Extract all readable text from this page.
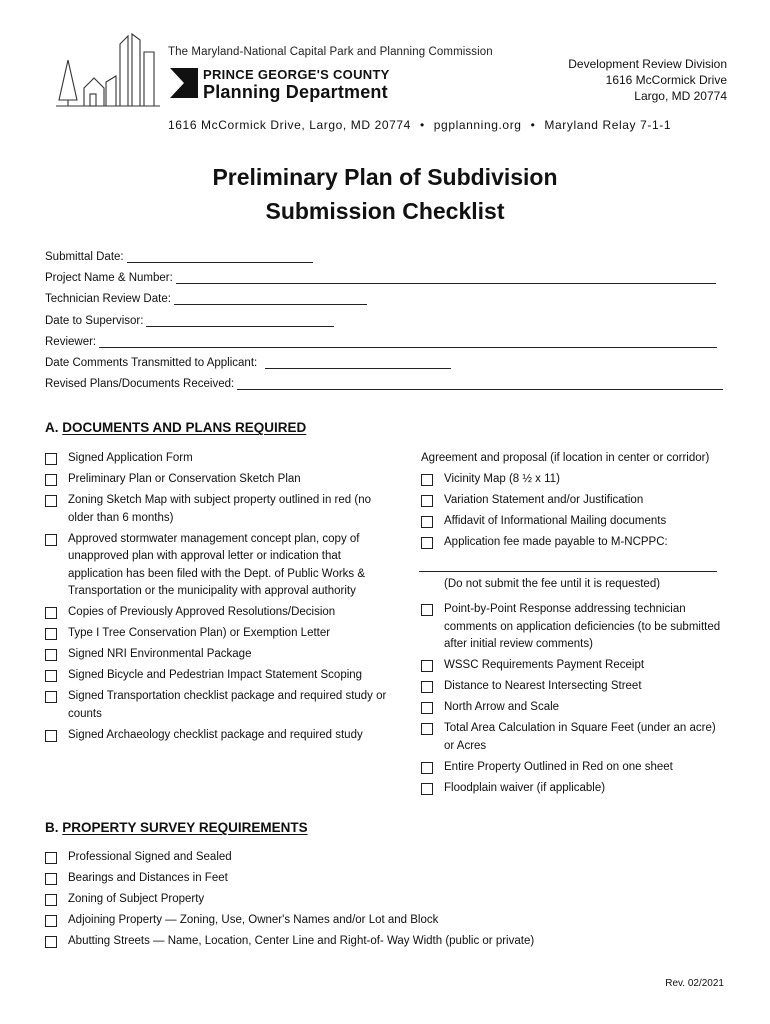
The Maryland-National Capital Park and Planning Commission
PRINCE GEORGE'S COUNTY
Planning Department
Development Review Division
1616 McCormick Drive
Largo, MD 20774
1616 McCormick Drive, Largo, MD 20774 • pgplanning.org • Maryland Relay 7-1-1
Preliminary Plan of Subdivision
Submission Checklist
Submittal Date:
Project Name & Number:
Technician Review Date:
Date to Supervisor:
Reviewer:
Date Comments Transmitted to Applicant:
Revised Plans/Documents Received:
A. DOCUMENTS AND PLANS REQUIRED
Signed Application Form
Preliminary Plan or Conservation Sketch Plan
Zoning Sketch Map with subject property outlined in red (no older than 6 months)
Approved stormwater management concept plan, copy of unapproved plan with approval letter or indication that application has been filed with the Dept. of Public Works & Transportation or the municipality with approval authority
Copies of Previously Approved Resolutions/Decision
Type I Tree Conservation Plan) or Exemption Letter
Signed NRI Environmental Package
Signed Bicycle and Pedestrian Impact Statement Scoping
Signed Transportation checklist package and required study or counts
Signed Archaeology checklist package and required study
Agreement and proposal (if location in center or corridor)
Vicinity Map (8 ½ x 11)
Variation Statement and/or Justification
Affidavit of Informational Mailing documents
Application fee made payable to M-NCPPC:
(Do not submit the fee until it is requested)
Point-by-Point Response addressing technician comments on application deficiencies (to be submitted after initial review comments)
WSSC Requirements Payment Receipt
Distance to Nearest Intersecting Street
North Arrow and Scale
Total Area Calculation in Square Feet (under an acre) or Acres
Entire Property Outlined in Red on one sheet
Floodplain waiver (if applicable)
B. PROPERTY SURVEY REQUIREMENTS
Professional Signed and Sealed
Bearings and Distances in Feet
Zoning of Subject Property
Adjoining Property — Zoning, Use, Owner's Names and/or Lot and Block
Abutting Streets — Name, Location, Center Line and Right-of- Way Width (public or private)
Rev. 02/2021
